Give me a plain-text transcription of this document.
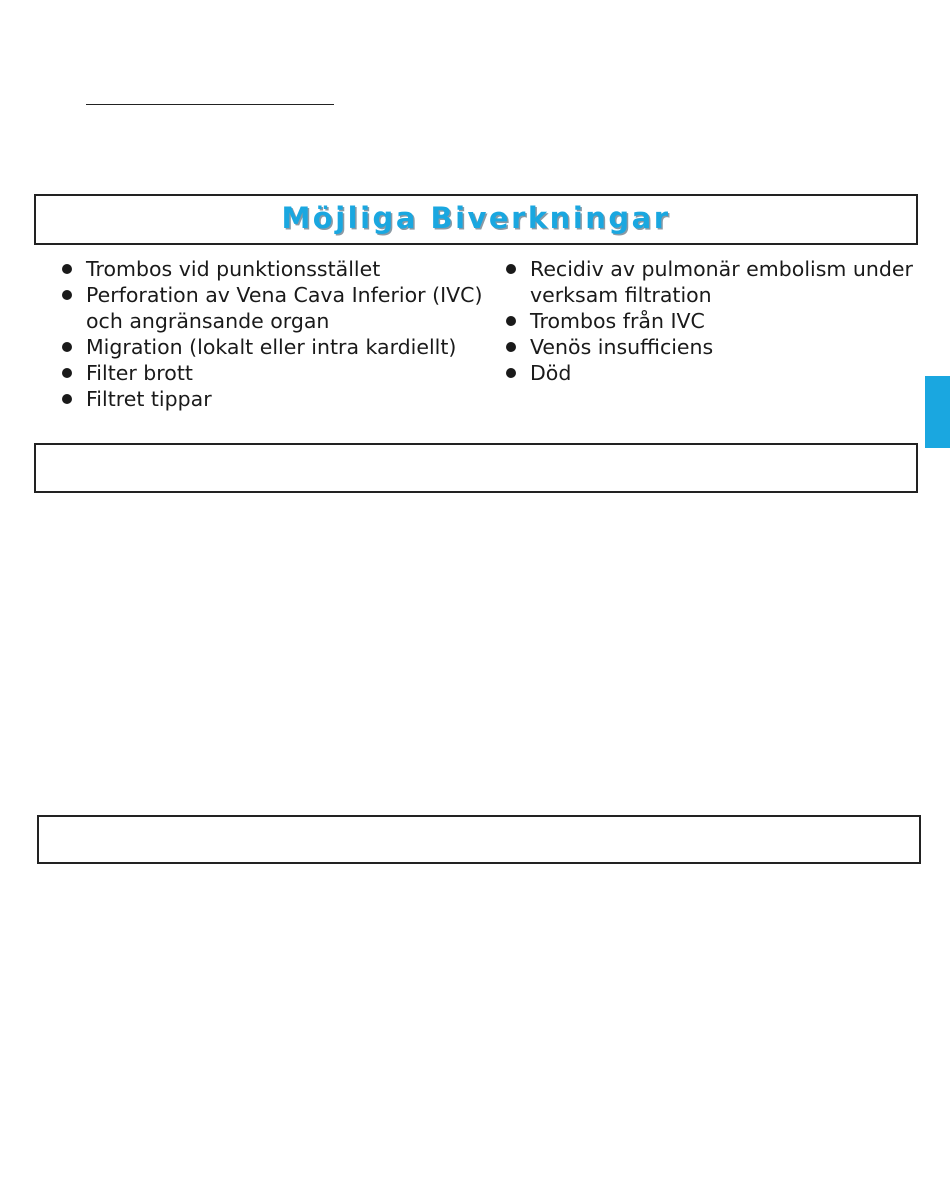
Möjliga Biverkningar
Trombos vid punktionsstället
Perforation av Vena Cava Inferior (IVC) och angränsande organ
Migration (lokalt eller intra kardiellt)
Filter brott
Filtret tippar
Recidiv av pulmonär embolism under verksam filtration
Trombos från IVC
Venös insufficiens
Död
